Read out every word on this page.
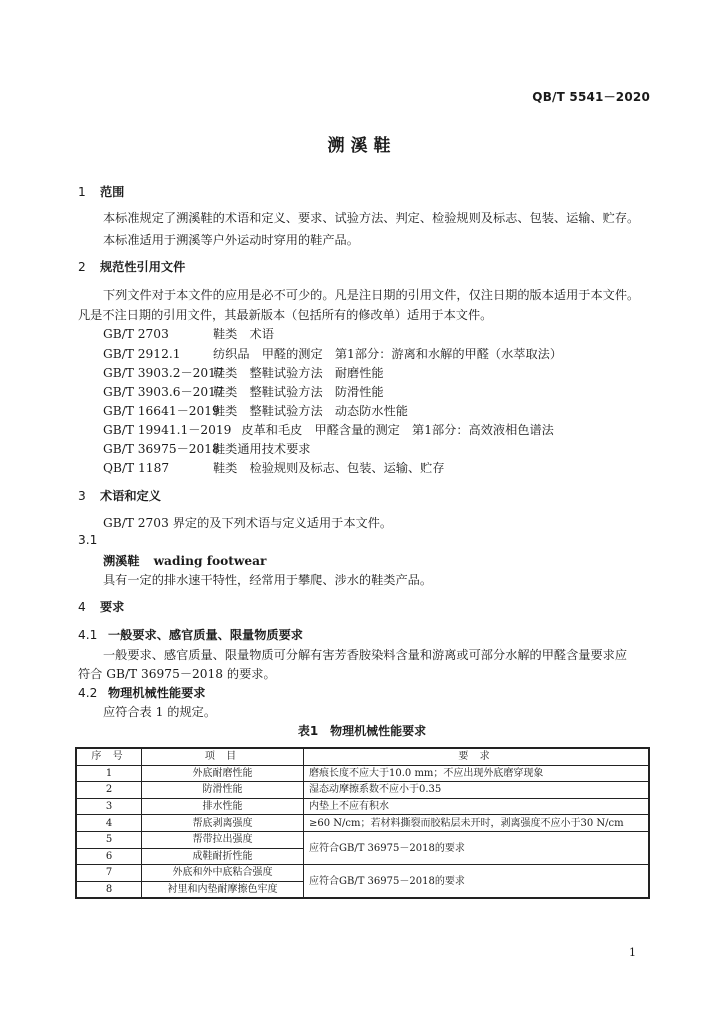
QB/T 5541－2020
溯溪鞋
1 范围
本标准规定了溯溪鞋的术语和定义、要求、试验方法、判定、检验规则及标志、包装、运输、贮存。
本标准适用于溯溪等户外运动时穿用的鞋产品。
2 规范性引用文件
下列文件对于本文件的应用是必不可少的。凡是注日期的引用文件，仅注日期的版本适用于本文件。
凡是不注日期的引用文件，其最新版本（包括所有的修改单）适用于本文件。
GB/T 2703	鞋类　术语
GB/T 2912.1	纺织品　甲醛的测定　第1部分：游离和水解的甲醛（水萃取法）
GB/T 3903.2－2017鞋类　整鞋试验方法　耐磨性能
GB/T 3903.6－2017鞋类　整鞋试验方法　防滑性能
GB/T 16641－2019鞋类　整鞋试验方法　动态防水性能
GB/T 19941.1－2019 皮革和毛皮　甲醛含量的测定　第1部分：高效液相色谱法
GB/T 36975－2018鞋类通用技术要求
QB/T 1187	鞋类　检验规则及标志、包装、运输、贮存
3 术语和定义
GB/T 2703 界定的及下列术语与定义适用于本文件。
3.1
溯溪鞋 wading footwear
具有一定的排水速干特性，经常用于攀爬、涉水的鞋类产品。
4 要求
4.1 一般要求、感官质量、限量物质要求
一般要求、感官质量、限量物质可分解有害芳香胺染料含量和游离或可部分水解的甲醛含量要求应
符合 GB/T 36975－2018 的要求。
4.2 物理机械性能要求
应符合表 1 的规定。
表1　物理机械性能要求
序 号	项 目	要 求
1	外底耐磨性能	磨痕长度不应大于10.0 mm；不应出现外底磨穿现象
2	防滑性能	湿态动摩擦系数不应小于0.35
3	排水性能	内垫上不应有积水
4	帮底剥离强度	≥60 N/cm；若材料撕裂而胶粘层未开时，剥离强度不应小于30 N/cm
5	帮带拉出强度	应符合GB/T 36975－2018的要求
6	成鞋耐折性能	
7	外底和外中底粘合强度	应符合GB/T 36975－2018的要求
8	衬里和内垫耐摩擦色牢度	
1
